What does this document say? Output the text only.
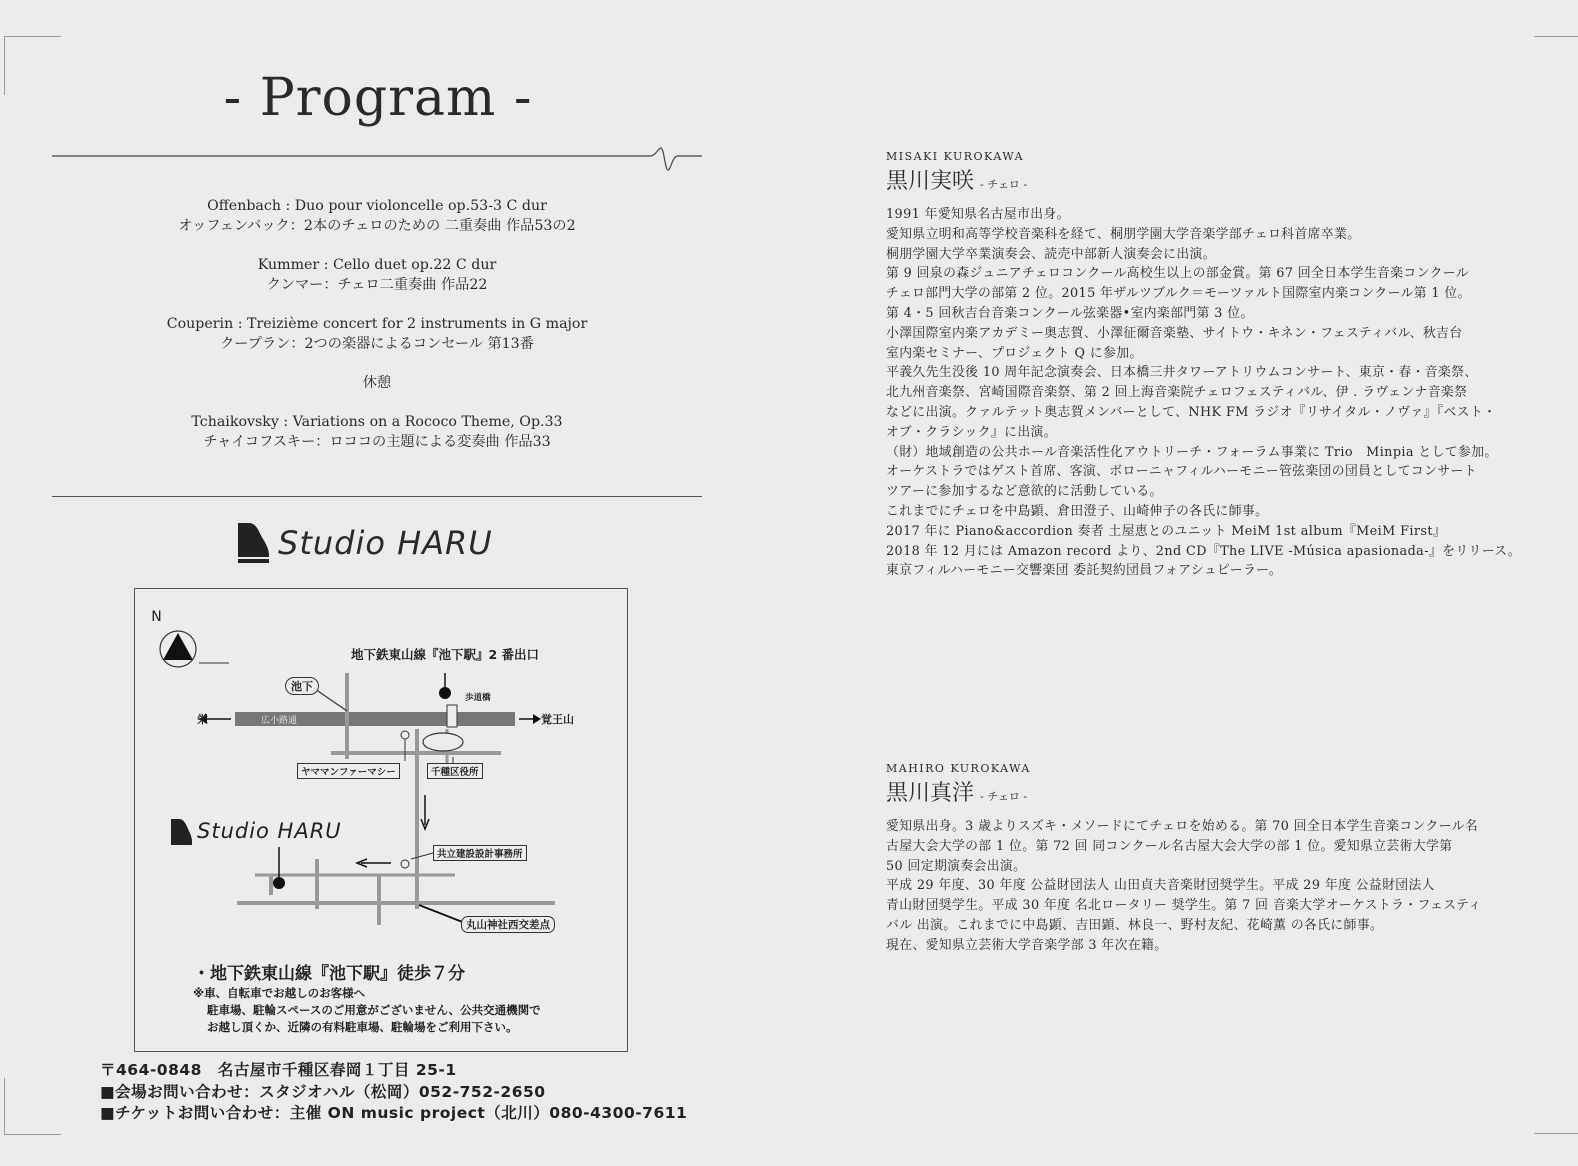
- Program -
Offenbach : Duo pour violoncelle op.53-3 C dur
オッフェンバック：2本のチェロのための 二重奏曲 作品53の2
Kummer : Cello duet op.22 C dur
クンマー：チェロ二重奏曲 作品22
Couperin : Treizième concert for 2 instruments in G major
クープラン：2つの楽器によるコンセール 第13番
休憩
Tchaikovsky : Variations on a Rococo Theme, Op.33
チャイコフスキー：ロココの主題による変奏曲 作品33
Studio HARU
N
地下鉄東山線『池下駅』2 番出口
池下
歩道橋
栄	覚王山
広小路通
ヤママンファーマシー	千種区役所
共立建設設計事務所
丸山神社西交差点
Studio HARU
・地下鉄東山線『池下駅』徒歩７分
※車、自転車でお越しのお客様へ
駐車場、駐輪スペースのご用意がございません、公共交通機関で
お越し頂くか、近隣の有料駐車場、駐輪場をご利用下さい。
〒464-0848　名古屋市千種区春岡１丁目 25-1
■会場お問い合わせ：スタジオハル（松岡）052-752-2650
■チケットお問い合わせ：主催 ON music project（北川）080-4300-7611
MISAKI KUROKAWA
黒川実咲 - チェロ -
1991 年愛知県名古屋市出身。
愛知県立明和高等学校音楽科を経て、桐朋学園大学音楽学部チェロ科首席卒業。
桐朋学園大学卒業演奏会、読売中部新人演奏会に出演。
第 9 回泉の森ジュニアチェロコンクール高校生以上の部金賞。第 67 回全日本学生音楽コンクール
チェロ部門大学の部第 2 位。2015 年ザルツブルク＝モーツァルト国際室内楽コンクール第 1 位。
第 4・5 回秋吉台音楽コンクール弦楽器•室内楽部門第 3 位。
小澤国際室内楽アカデミー奥志賀、小澤征爾音楽塾、サイトウ・キネン・フェスティバル、秋吉台
室内楽セミナー、プロジェクト Q に参加。
平義久先生没後 10 周年記念演奏会、日本橋三井タワーアトリウムコンサート、東京・春・音楽祭、
北九州音楽祭、宮崎国際音楽祭、第 2 回上海音楽院チェロフェスティバル、伊 . ラヴェンナ音楽祭
などに出演。クァルテット奥志賀メンバーとして、NHK FM ラジオ『リサイタル・ノヴァ』『ベスト・
オブ・クラシック』に出演。
（財）地域創造の公共ホール音楽活性化アウトリーチ・フォーラム事業に Trio　Minpia として参加。
オーケストラではゲスト首席、客演、ボローニャフィルハーモニー管弦楽団の団員としてコンサート
ツアーに参加するなど意欲的に活動している。
これまでにチェロを中島顕、倉田澄子、山崎伸子の各氏に師事。
2017 年に Piano&accordion 奏者 土屋恵とのユニット MeiM 1st album『MeiM First』
2018 年 12 月には Amazon record より、2nd CD『The LIVE -Música apasionada-』をリリース。
東京フィルハーモニー交響楽団 委託契約団員フォアシュピーラー。
MAHIRO KUROKAWA
黒川真洋 - チェロ -
愛知県出身。3 歳よりスズキ・メソードにてチェロを始める。第 70 回全日本学生音楽コンクール名
古屋大会大学の部 1 位。第 72 回 同コンクール名古屋大会大学の部 1 位。愛知県立芸術大学第
50 回定期演奏会出演。
平成 29 年度、30 年度 公益財団法人 山田貞夫音楽財団奨学生。平成 29 年度 公益財団法人
青山財団奨学生。平成 30 年度 名北ロータリー 奨学生。第 7 回 音楽大学オーケストラ・フェスティ
バル 出演。これまでに中島顕、吉田顕、林良一、野村友紀、花崎薫 の各氏に師事。
現在、愛知県立芸術大学音楽学部 3 年次在籍。
